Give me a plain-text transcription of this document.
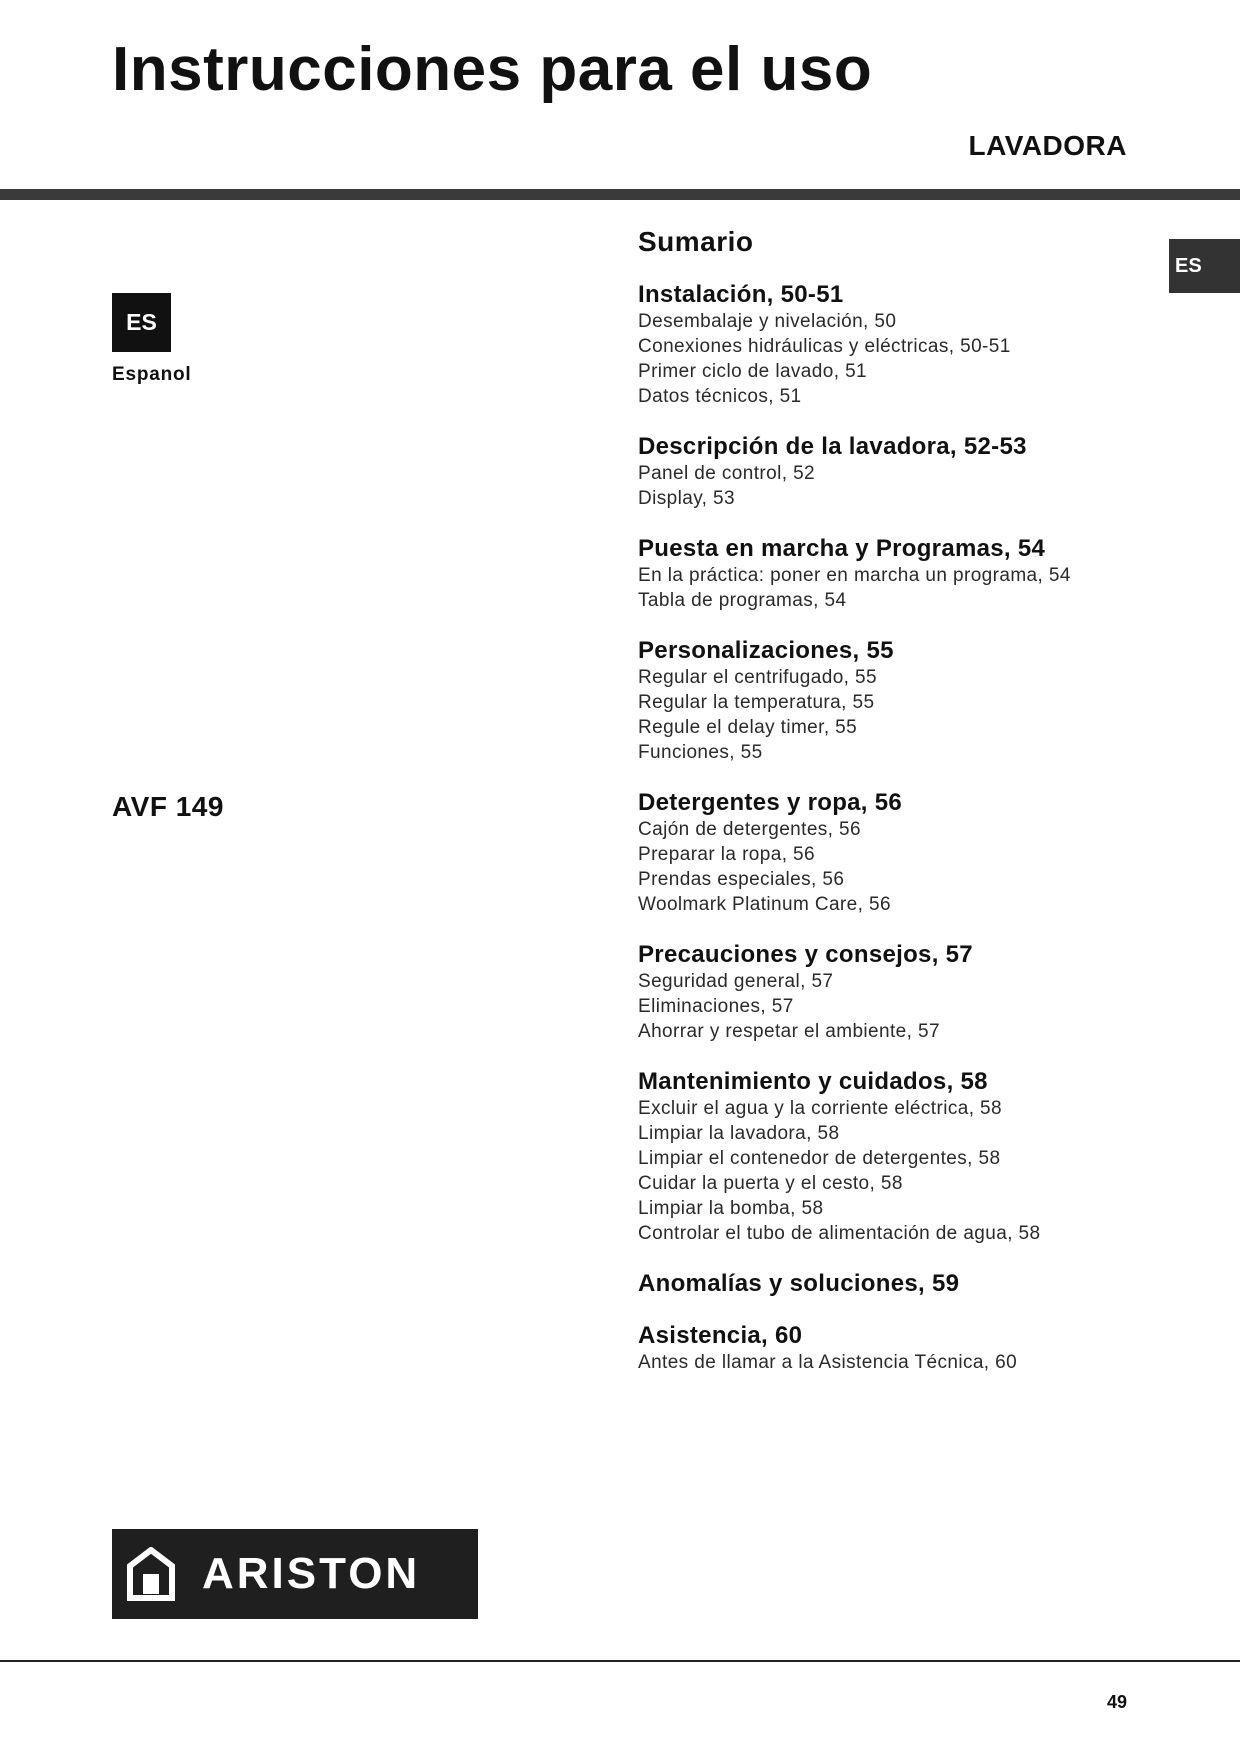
Instrucciones para el uso
LAVADORA
ES
Espanol
AVF 149
ES
Sumario
Instalación, 50-51
Desembalaje y nivelación, 50
Conexiones hidráulicas y eléctricas, 50-51
Primer ciclo de lavado, 51
Datos técnicos, 51
Descripción de la lavadora, 52-53
Panel de control, 52
Display, 53
Puesta en marcha y Programas, 54
En la práctica: poner en marcha un programa, 54
Tabla de programas, 54
Personalizaciones, 55
Regular el centrifugado, 55
Regular la temperatura, 55
Regule el delay timer, 55
Funciones, 55
Detergentes y ropa, 56
Cajón de detergentes, 56
Preparar la ropa, 56
Prendas especiales, 56
Woolmark Platinum Care, 56
Precauciones y consejos, 57
Seguridad general, 57
Eliminaciones, 57
Ahorrar y respetar el ambiente, 57
Mantenimiento y cuidados, 58
Excluir el agua y la corriente eléctrica, 58
Limpiar la lavadora, 58
Limpiar el contenedor de detergentes, 58
Cuidar la puerta y el cesto, 58
Limpiar la bomba, 58
Controlar el tubo de alimentación de agua, 58
Anomalías y soluciones, 59
Asistencia, 60
Antes de llamar a la Asistencia Técnica, 60
ARISTON
49
